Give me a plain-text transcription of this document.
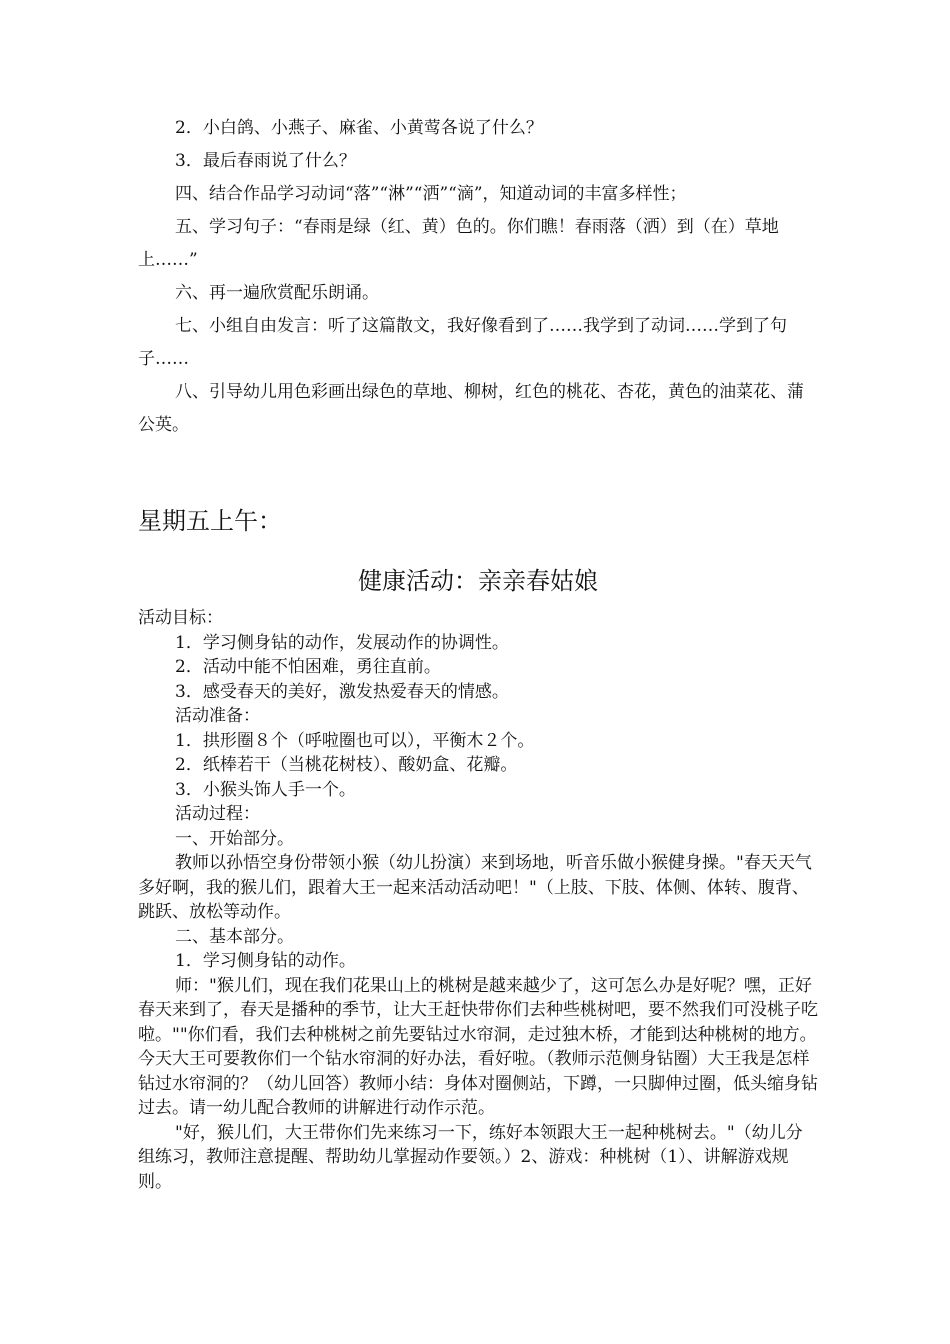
2．小白鸽、小燕子、麻雀、小黄莺各说了什么？

3．最后春雨说了什么？

四、结合作品学习动词“落”“淋”“洒”“滴”，知道动词的丰富多样性；

五、学习句子：“春雨是绿（红、黄）色的。你们瞧！春雨落（洒）到（在）草地上……”

六、再一遍欣赏配乐朗诵。

七、小组自由发言：听了这篇散文，我好像看到了……我学到了动词……学到了句子……

八、引导幼儿用色彩画出绿色的草地、柳树，红色的桃花、杏花，黄色的油菜花、蒲公英。

星期五上午：
健康活动：亲亲春姑娘

活动目标：

1．学习侧身钻的动作，发展动作的协调性。

2．活动中能不怕困难，勇往直前。

3．感受春天的美好，激发热爱春天的情感。

活动准备：

1．拱形圈８个（呼啦圈也可以），平衡木２个。

2．纸棒若干（当桃花树枝）、酸奶盒、花瓣。

3．小猴头饰人手一个。

活动过程：

一、开始部分。

教师以孙悟空身份带领小猴（幼儿扮演）来到场地，听音乐做小猴健身操。"春天天气多好啊，我的猴儿们，跟着大王一起来活动活动吧！"（上肢、下肢、体侧、体转、腹背、跳跃、放松等动作。

二、基本部分。

1．学习侧身钻的动作。

师："猴儿们，现在我们花果山上的桃树是越来越少了，这可怎么办是好呢？嘿，正好春天来到了，春天是播种的季节，让大王赶快带你们去种些桃树吧，要不然我们可没桃子吃啦。""你们看，我们去种桃树之前先要钻过水帘洞，走过独木桥，才能到达种桃树的地方。今天大王可要教你们一个钻水帘洞的好办法，看好啦。（教师示范侧身钻圈）大王我是怎样钻过水帘洞的？（幼儿回答）教师小结：身体对圈侧站，下蹲，一只脚伸过圈，低头缩身钻过去。请一幼儿配合教师的讲解进行动作示范。

"好，猴儿们，大王带你们先来练习一下，练好本领跟大王一起种桃树去。"（幼儿分组练习，教师注意提醒、帮助幼儿掌握动作要领。）2、游戏：种桃树（1）、讲解游戏规则。
